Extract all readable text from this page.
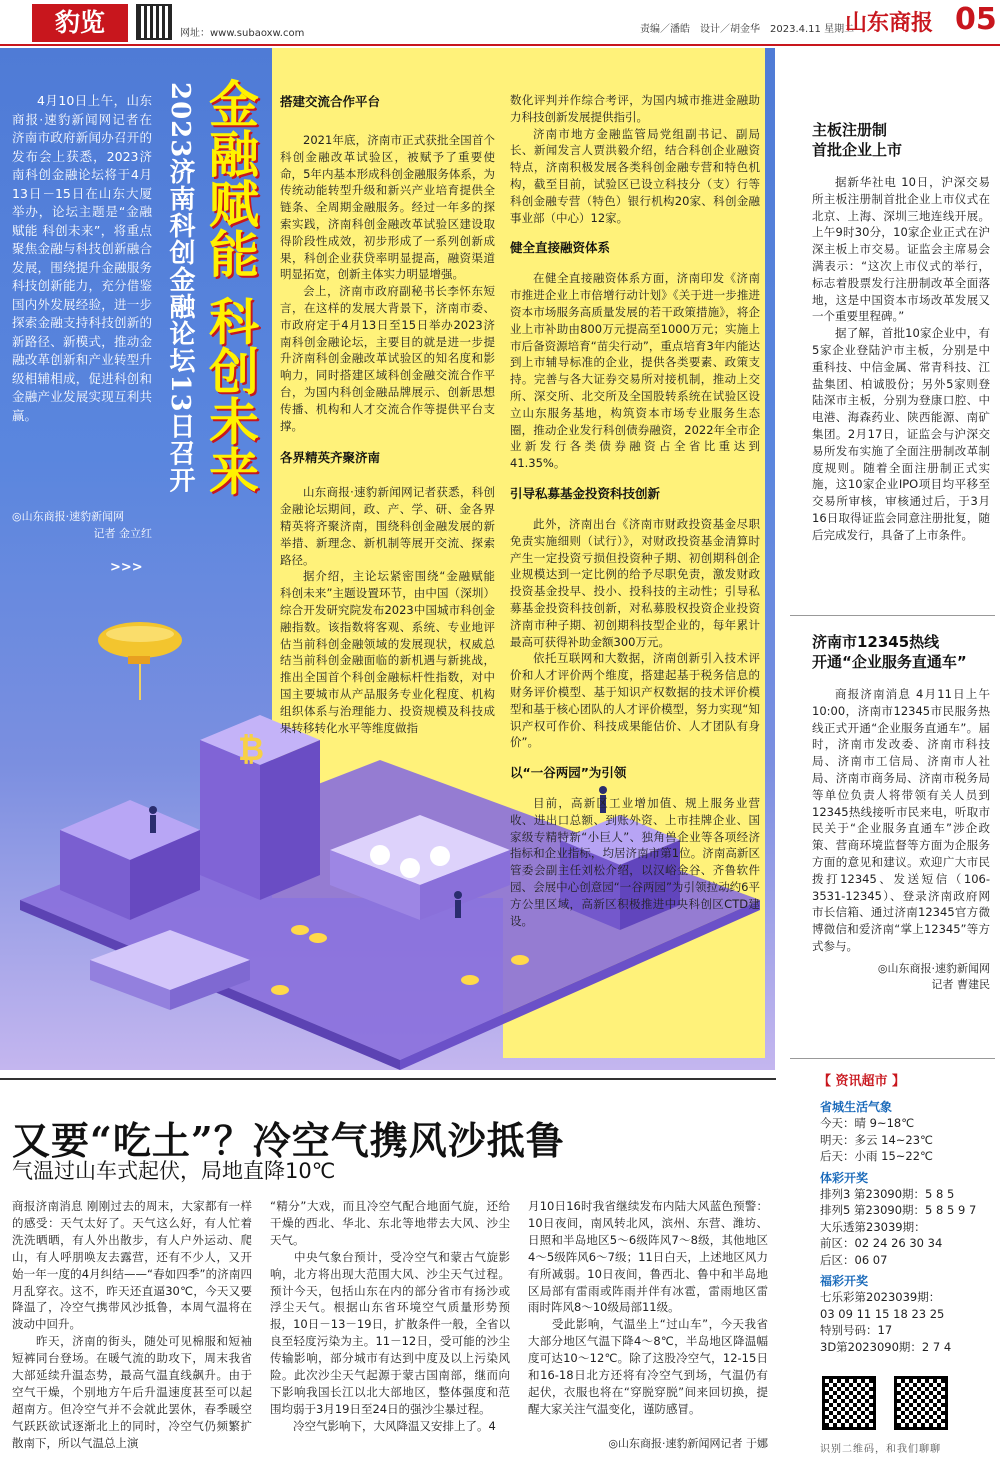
豹览	网址：www.subaoxw.com	责编／潘皓　设计／胡金华　2023.4.11 星期二
山东商报 05
₿
4月10日上午，山东商报·速豹新闻网记者在济南市政府新闻办召开的发布会上获悉，2023济南科创金融论坛将于4月13日－15日在山东大厦举办，论坛主题是“金融赋能 科创未来”，将重点聚焦金融与科技创新融合发展，围绕提升金融服务科技创新能力，充分借鉴国内外发展经验，进一步探索金融支持科技创新的新路径、新模式，推动金融改革创新和产业转型升级相辅相成，促进科创和金融产业发展实现互利共赢。
◎山东商报·速豹新闻网
记者 金立红
>>>
2023济南科创金融论坛13日召开 金融赋能 科创未来 搭建交流合作平台

2021年底，济南市正式获批全国首个科创金融改革试验区，被赋予了重要使命，5年内基本形成科创金融服务体系，为传统动能转型升级和新兴产业培育提供全链条、全周期金融服务。经过一年多的探索实践，济南科创金融改革试验区建设取得阶段性成效，初步形成了一系列创新成果，科创企业获贷率明显提高，融资渠道明显拓宽，创新主体实力明显增强。

会上，济南市政府副秘书长李怀东短言，在这样的发展大背景下，济南市委、市政府定于4月13日至15日举办2023济南科创金融论坛，主要目的就是进一步提升济南科创金融改革试验区的知名度和影响力，同时搭建区域科创金融交流合作平台，为国内科创金融品牌展示、创新思想传播、机构和人才交流合作等提供平台支撑。

各界精英齐聚济南

山东商报·速豹新闻网记者获悉，科创金融论坛期间，政、产、学、研、金各界精英将齐聚济南，围绕科创金融发展的新举措、新理念、新机制等展开交流、探索路径。

据介绍，主论坛紧密围绕“金融赋能 科创未来”主题设置环节，由中国（深圳）综合开发研究院发布2023中国城市科创金融指数。该指数将客观、系统、专业地评估当前科创金融领域的发展现状，权威总结当前科创金融面临的新机遇与新挑战，推出全国首个科创金融标杆性指数，对中国主要城市从产品服务专业化程度、机构组织体系与治理能力、投资规模及科技成果转移转化水平等维度做指

数化评判并作综合考评，为国内城市推进金融助力科技创新发展提供指引。

济南市地方金融监管局党组副书记、副局长、新闻发言人贾洪毅介绍，结合科创企业融资特点，济南积极发展各类科创金融专营和特色机构，截至目前，试验区已设立科技分（支）行等科创金融专营（特色）银行机构20家、科创金融事业部（中心）12家。

健全直接融资体系

在健全直接融资体系方面，济南印发《济南市推进企业上市倍增行动计划》《关于进一步推进资本市场服务高质量发展的若干政策措施》，将企业上市补助由800万元提高至1000万元；实施上市后备资源培育“苗尖行动”，重点培育3年内能达到上市辅导标准的企业，提供各类要素、政策支持。完善与各大证券交易所对接机制，推动上交所、深交所、北交所及全国股转系统在试验区设立山东服务基地，构筑资本市场专业服务生态圈，推动企业发行科创债券融资，2022年全市企业新发行各类债券融资占全省比重达到41.35%。

引导私募基金投资科技创新

此外，济南出台《济南市财政投资基金尽职免责实施细则（试行）》，对财政投资基金清算时产生一定投资亏损但投资种子期、初创期科创企业规模达到一定比例的给予尽职免责，激发财政投资基金投早、投小、投科技的主动性；引导私募基金投资科技创新，对私募股权投资企业投资济南市种子期、初创期科技型企业的，每年累计最高可获得补助金额300万元。

依托互联网和大数据，济南创新引入技术评价和人才评价两个维度，搭建起基于税务信息的财务评价模型、基于知识产权数据的技术评价模型和基于核心团队的人才评价模型，努力实现“知识产权可作价、科技成果能估价、人才团队有身价”。

以“一谷两园”为引领

目前，高新区工业增加值、规上服务业营收、进出口总额、到账外资、上市挂牌企业、国家级专精特新“小巨人”、独角兽企业等各项经济指标和企业指标，均居济南市第1位。济南高新区管委会副主任刘松介绍，以汉峪金谷、齐鲁软件园、会展中心创意园“一谷两园”为引领拉动约6平方公里区域，高新区积极推进中央科创区CTD建设。

主板注册制
首批企业上市

据新华社电 10日，沪深交易所主板注册制首批企业上市仪式在北京、上海、深圳三地连线开展。上午9时30分，10家企业正式在沪深主板上市交易。证监会主席易会满表示：“这次上市仪式的举行，标志着股票发行注册制改革全面落地，这是中国资本市场改革发展又一个重要里程碑。”

据了解，首批10家企业中，有5家企业登陆沪市主板，分别是中重科技、中信金属、常青科技、江盐集团、柏诚股份；另外5家则登陆深市主板，分别为登康口腔、中电港、海森药业、陕西能源、南矿集团。2月17日，证监会与沪深交易所发布实施了全面注册制改革制度规则。随着全面注册制正式实施，这10家企业IPO项目均平移至交易所审核，审核通过后，于3月16日取得证监会同意注册批复，随后完成发行，具备了上市条件。

济南市12345热线
开通“企业服务直通车”

商报济南消息 4月11日上午10:00，济南市12345市民服务热线正式开通“企业服务直通车”。届时，济南市发改委、济南市科技局、济南市工信局、济南市人社局、济南市商务局、济南市税务局等单位负责人将带领有关人员到12345热线接听市民来电，听取市民关于“企业服务直通车”涉企政策、营商环境监督等方面为企服务方面的意见和建议。欢迎广大市民拨打12345、发送短信（106-3531-12345）、登录济南政府网市长信箱、通过济南12345官方微博微信和爱济南“掌上12345”等方式参与。

◎山东商报·速豹新闻网
记者 曹建民
又要“吃土”？冷空气携风沙抵鲁
气温过山车式起伏，局地直降10℃
商报济南消息 刚刚过去的周末，大家都有一样的感受：天气太好了。天气这么好，有人忙着洗洗晒晒，有人外出散步，有人户外运动、爬山，有人呼朋唤友去露营，还有不少人，又开始一年一度的4月纠结——“春如四季”的济南四月乱穿衣。这不，昨天还直逼30℃，今天又要降温了，冷空气携带风沙抵鲁，本周气温将在波动中回升。
　　昨天，济南的街头，随处可见棉服和短袖短裤同台登场。在暖气流的助攻下，周末我省大部延续升温态势，最高气温直线飙升。由于空气干燥，个别地方午后升温速度甚至可以起超南方。但冷空气并不会就此罢休，春季暖空气跃跃欲试逐渐北上的同时，冷空气仍频繁扩散南下，所以气温总上演
“精分”大戏，而且冷空气配合地面气旋，还给干燥的西北、华北、东北等地带去大风、沙尘天气。
　　中央气象台预计，受冷空气和蒙古气旋影响，北方将出现大范围大风、沙尘天气过程。预计今天，包括山东在内的部分省市有扬沙或浮尘天气。根据山东省环境空气质量形势预报，10日－13－19日，扩散条件一般，全省以良至轻度污染为主。11－12日，受可能的沙尘传输影响，部分城市有达到中度及以上污染风险。此次沙尘天气起源于蒙古国南部，继而向下影响我国长江以北大部地区，整体强度和范围均弱于3月19日至24日的强沙尘暴过程。
　　冷空气影响下，大风降温又安排上了。4
月10日16时我省继续发布内陆大风蓝色预警：10日夜间，南风转北风，滨州、东营、潍坊、日照和半岛地区5～6级阵风7～8级，其他地区4～5级阵风6～7级；11日白天，上述地区风力有所减弱。10日夜间，鲁西北、鲁中和半岛地区局部有雷雨或阵雨并伴有冰雹，雷雨地区雷雨时阵风8～10级局部11级。
　　受此影响，气温坐上“过山车”，今天我省大部分地区气温下降4～8℃，半岛地区降温幅度可达10～12℃。除了这股冷空气，12-15日和16-18日北方还将有冷空气到场，气温仍有起伏，衣服也将在“穿脱穿脱”间来回切换，提醒大家关注气温变化，谨防感冒。
◎山东商报·速豹新闻网记者 于娜
【 资讯超市 】
省城生活气象
今天：晴 9~18℃
明天：多云 14~23℃
后天：小雨 15~22℃
体彩开奖
排列3 第23090期：5 8 5
排列5 第23090期：5 8 5 9 7
大乐透第23039期：
前区：02 24 26 30 34
后区：06 07
福彩开奖
七乐彩第2023039期：
03 09 11 15 18 23 25
特别号码：17
3D第2023090期：2 7 4
识别二维码，和我们聊聊
